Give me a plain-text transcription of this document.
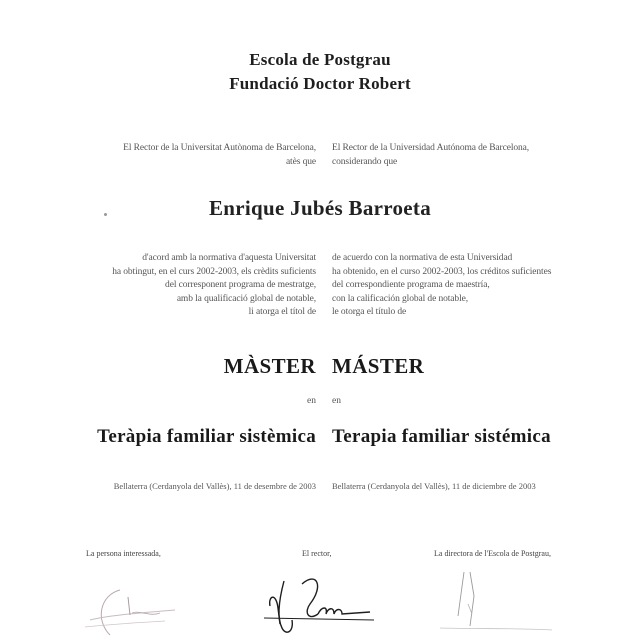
Escola de Postgrau
Fundació Doctor Robert
El Rector de la Universitat Autònoma de Barcelona,
atès que
El Rector de la Universidad Autónoma de Barcelona,
considerando que
Enrique Jubés Barroeta
d'acord amb la normativa d'aquesta Universitat
ha obtingut, en el curs 2002-2003, els crèdits suficients
del corresponent programa de mestratge,
amb la qualificació global de notable,
li atorga el títol de
de acuerdo con la normativa de esta Universidad
ha obtenido, en el curso 2002-2003, los créditos suficientes
del correspondiente programa de maestría,
con la calificación global de notable,
le otorga el título de
MÀSTER MÁSTER
en en
Teràpia familiar sistèmica Terapia familiar sistémica
Bellaterra (Cerdanyola del Vallès), 11 de desembre de 2003 Bellaterra (Cerdanyola del Vallès), 11 de diciembre de 2003
La persona interessada,	El rector,	La directora de l'Escola de Postgrau,
